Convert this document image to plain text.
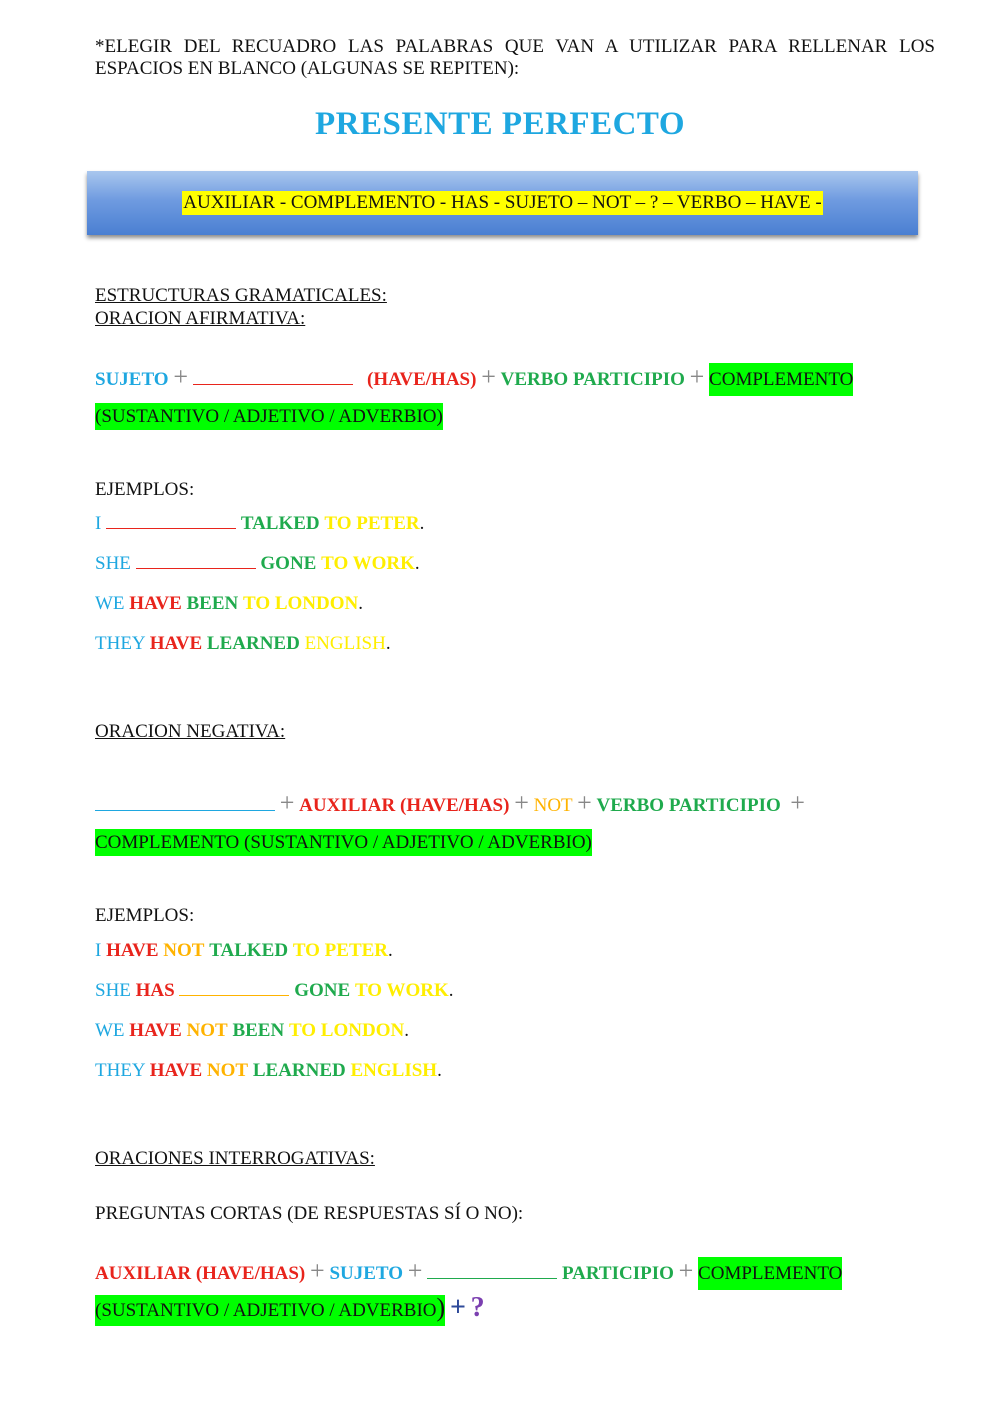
*ELEGIR DEL RECUADRO LAS PALABRAS QUE VAN A UTILIZAR PARA RELLENAR LOS ESPACIOS EN BLANCO (ALGUNAS SE REPITEN):
PRESENTE PERFECTO
AUXILIAR - COMPLEMENTO - HAS - SUJETO – NOT – ? – VERBO – HAVE -
ESTRUCTURAS GRAMATICALES:
ORACION AFIRMATIVA:
SUJETO +	(HAVE/HAS) + VERBO PARTICIPIO + COMPLEMENTO
(SUSTANTIVO / ADJETIVO / ADVERBIO)
EJEMPLOS:
I	TALKED TO PETER.
SHE	GONE TO WORK.
WE HAVE BEEN TO LONDON.
THEY HAVE LEARNED ENGLISH.
ORACION NEGATIVA:
+ AUXILIAR (HAVE/HAS) + NOT + VERBO PARTICIPIO +
COMPLEMENTO (SUSTANTIVO / ADJETIVO / ADVERBIO)
EJEMPLOS:
I HAVE NOT TALKED TO PETER.
SHE HAS	GONE TO WORK.
WE HAVE NOT BEEN TO LONDON.
THEY HAVE NOT LEARNED ENGLISH.
ORACIONES INTERROGATIVAS:
PREGUNTAS CORTAS (DE RESPUESTAS SÍ O NO):
AUXILIAR (HAVE/HAS) + SUJETO +	PARTICIPIO + COMPLEMENTO
(SUSTANTIVO / ADJETIVO / ADVERBIO) + ?
